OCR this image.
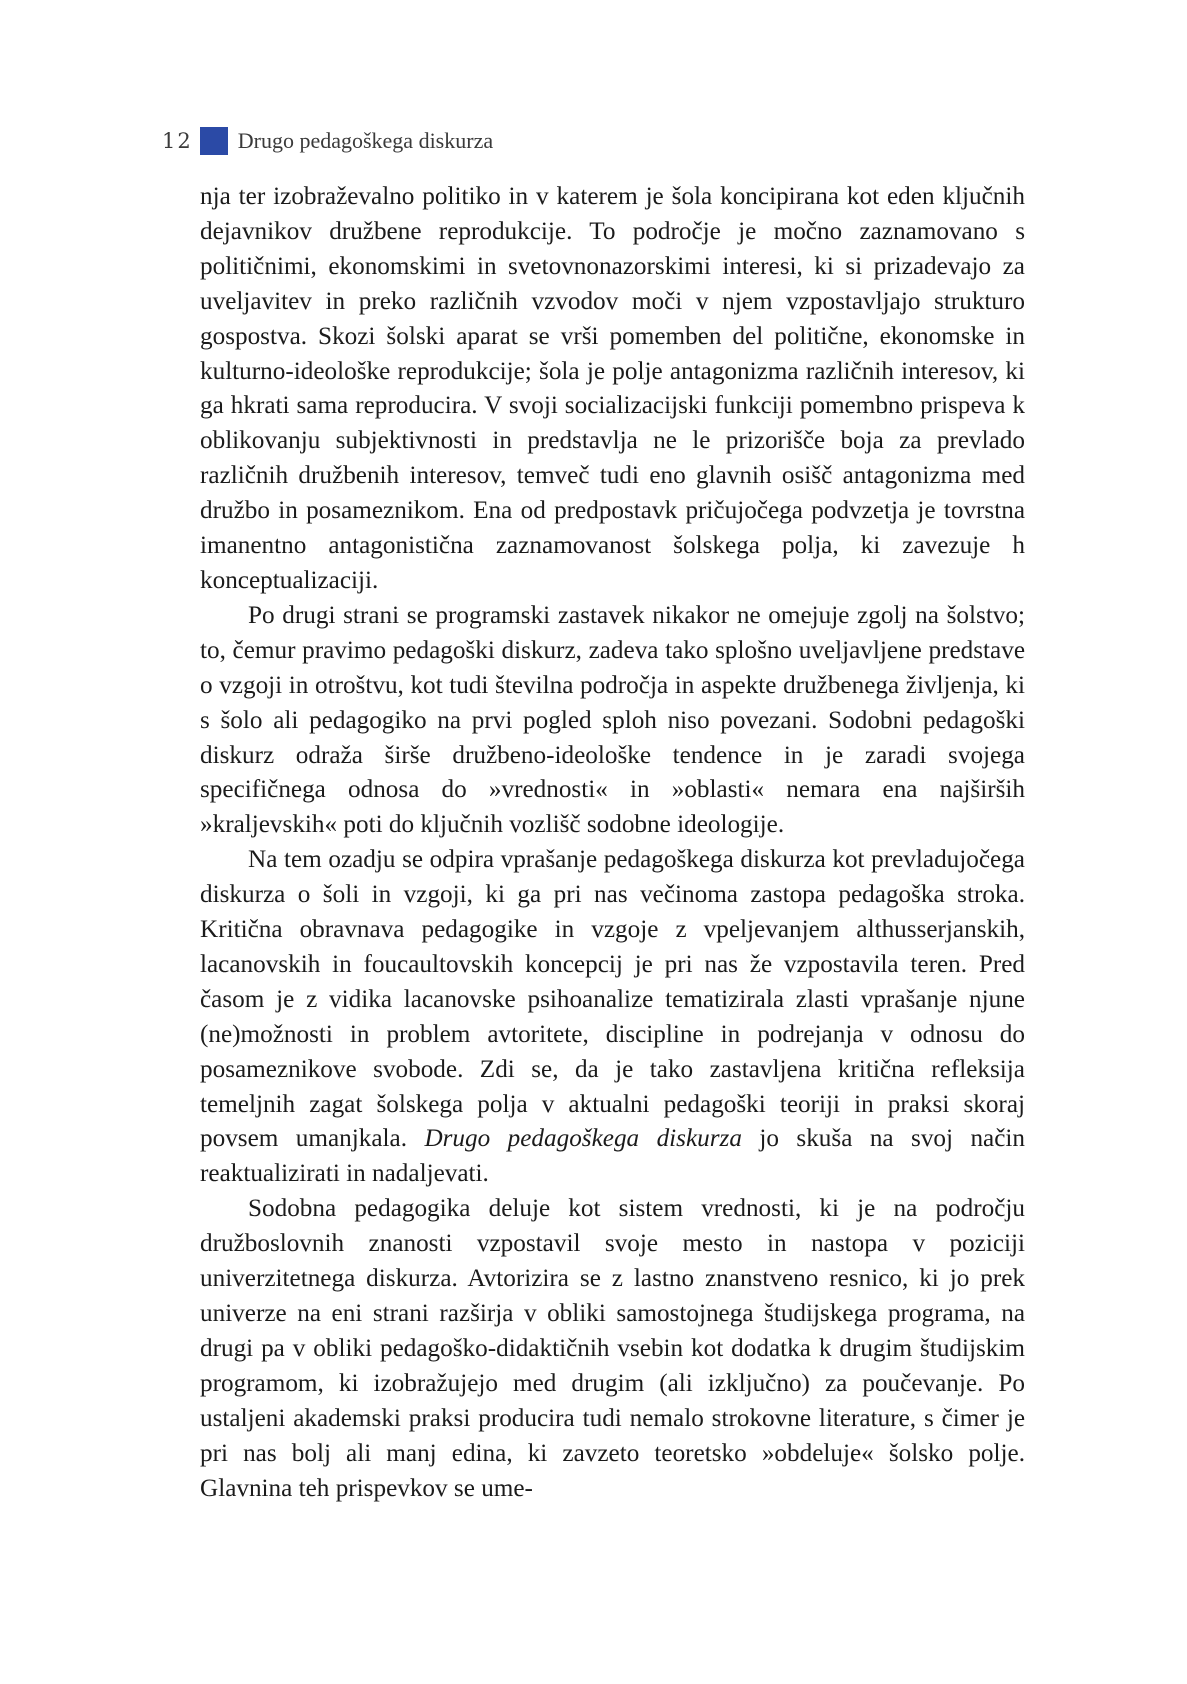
12 Drugo pedagoškega diskurza

nja ter izobraževalno politiko in v katerem je šola koncipirana kot eden ključnih dejavnikov družbene reprodukcije. To področje je močno zaznamovano s političnimi, ekonomskimi in svetovnonazorskimi interesi, ki si prizadevajo za uveljavitev in preko različnih vzvodov moči v njem vzpostavljajo strukturo gospostva. Skozi šolski aparat se vrši pomemben del politične, ekonomske in kulturno-ideološke reprodukcije; šola je polje antagonizma različnih interesov, ki ga hkrati sama reproducira. V svoji socializacijski funkciji pomembno prispeva k oblikovanju subjektivnosti in predstavlja ne le prizorišče boja za prevlado različnih družbenih interesov, temveč tudi eno glavnih osišč antagonizma med družbo in posameznikom. Ena od predpostavk pričujočega podvzetja je tovrstna imanentno antagonistična zaznamovanost šolskega polja, ki zavezuje h konceptualizaciji.

Po drugi strani se programski zastavek nikakor ne omejuje zgolj na šolstvo; to, čemur pravimo pedagoški diskurz, zadeva tako splošno uveljavljene predstave o vzgoji in otroštvu, kot tudi številna področja in aspekte družbenega življenja, ki s šolo ali pedagogiko na prvi pogled sploh niso povezani. Sodobni pedagoški diskurz odraža širše družbeno-ideološke tendence in je zaradi svojega specifičnega odnosa do »vrednosti« in »oblasti« nemara ena najširših »kraljevskih« poti do ključnih vozlišč sodobne ideologije.

Na tem ozadju se odpira vprašanje pedagoškega diskurza kot prevladujočega diskurza o šoli in vzgoji, ki ga pri nas večinoma zastopa pedagoška stroka. Kritična obravnava pedagogike in vzgoje z vpeljevanjem althusserjanskih, lacanovskih in foucaultovskih koncepcij je pri nas že vzpostavila teren. Pred časom je z vidika lacanovske psihoanalize tematizirala zlasti vprašanje njune (ne)možnosti in problem avtoritete, discipline in podrejanja v odnosu do posameznikove svobode. Zdi se, da je tako zastavljena kritična refleksija temeljnih zagat šolskega polja v aktualni pedagoški teoriji in praksi skoraj povsem umanjkala. Drugo pedagoškega diskurza jo skuša na svoj način reaktualizirati in nadaljevati.

Sodobna pedagogika deluje kot sistem vrednosti, ki je na področju družboslovnih znanosti vzpostavil svoje mesto in nastopa v poziciji univerzitetnega diskurza. Avtorizira se z lastno znanstveno resnico, ki jo prek univerze na eni strani razširja v obliki samostojnega študijskega programa, na drugi pa v obliki pedagoško-didaktičnih vsebin kot dodatka k drugim študijskim programom, ki izobražujejo med drugim (ali izključno) za poučevanje. Po ustaljeni akademski praksi producira tudi nemalo strokovne literature, s čimer je pri nas bolj ali manj edina, ki zavzeto teoretsko »obdeluje« šolsko polje. Glavnina teh prispevkov se ume-
